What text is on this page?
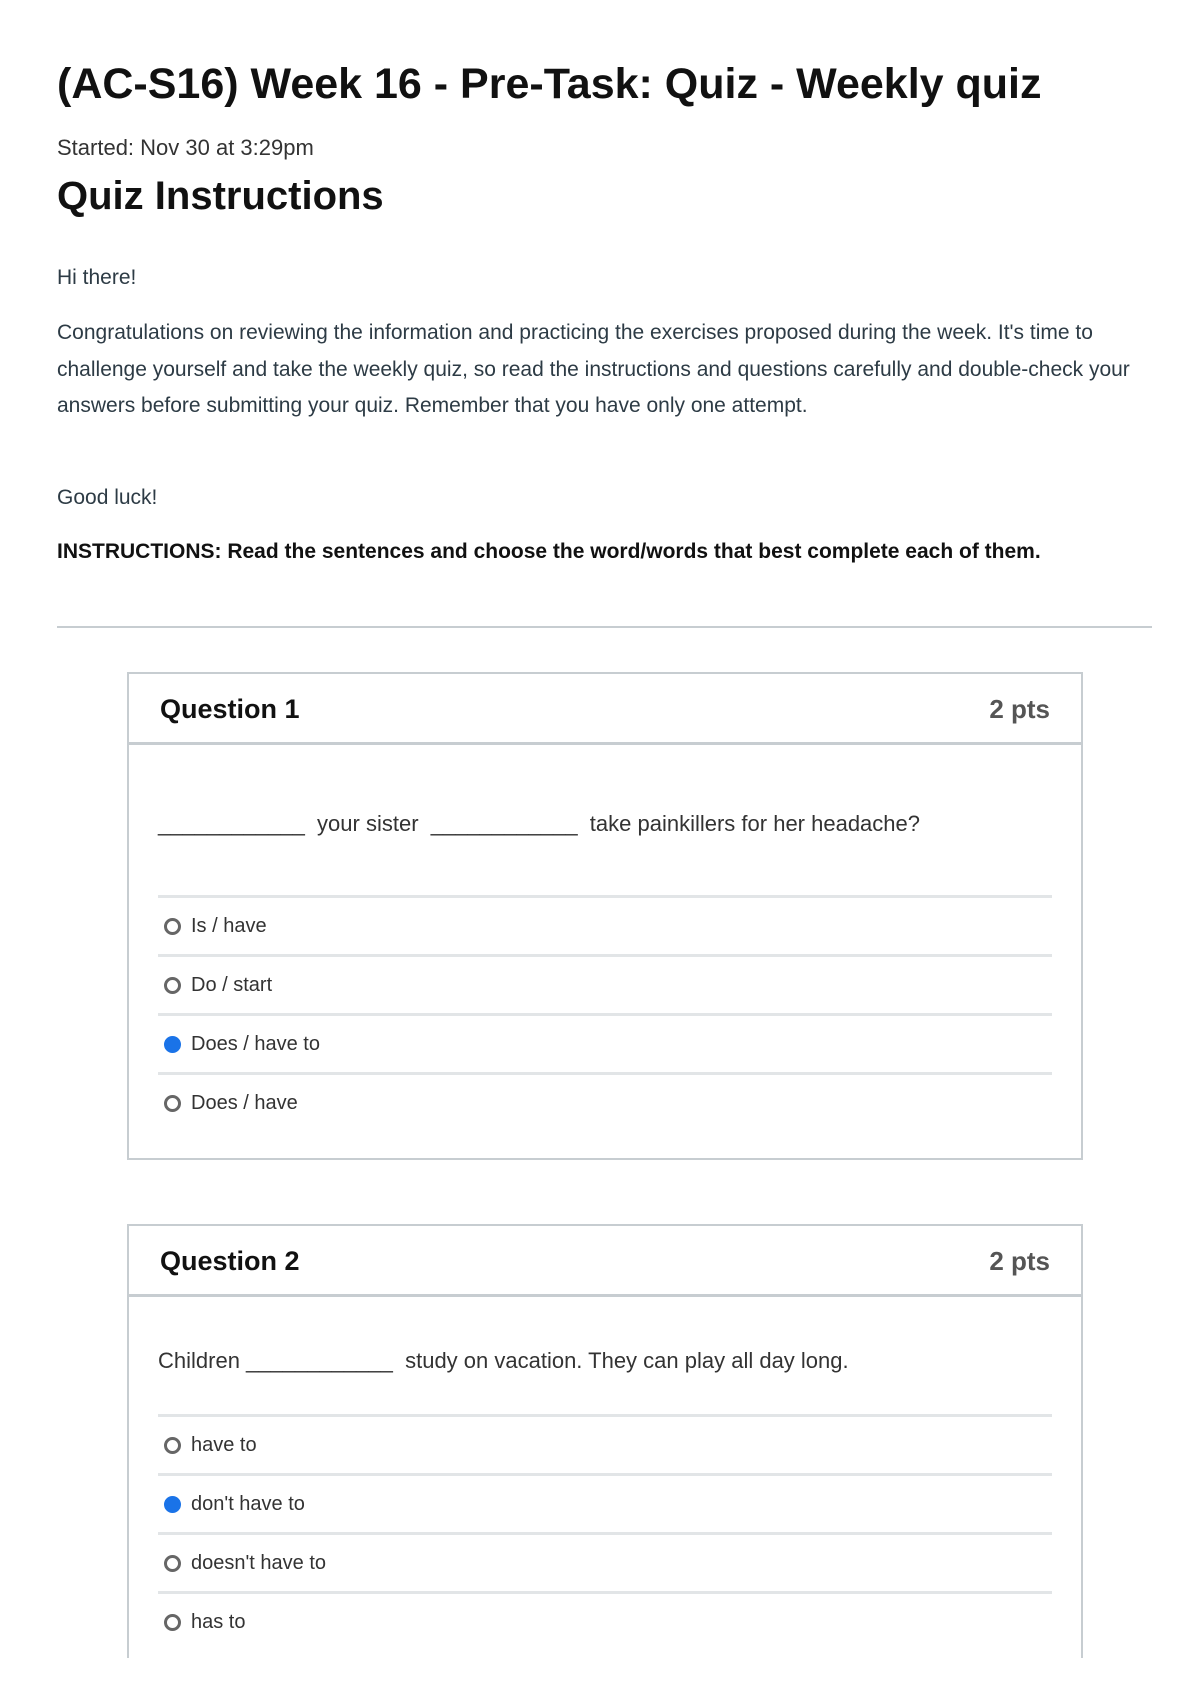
(AC-S16) Week 16 - Pre-Task: Quiz - Weekly quiz
Started: Nov 30 at 3:29pm
Quiz Instructions

Hi there!

Congratulations on reviewing the information and practicing the exercises proposed during the week. It's time to challenge yourself and take the weekly quiz, so read the instructions and questions carefully and double-check your answers before submitting your quiz. Remember that you have only one attempt.

Good luck!

INSTRUCTIONS: Read the sentences and choose the word/words that best complete each of them.

Question 1	2 pts
____________  your sister  ____________  take painkillers for her headache?
Is / have
Do / start
Does / have to
Does / have
Question 2	2 pts
Children ____________  study on vacation. They can play all day long.
have to
don't have to
doesn't have to
has to
